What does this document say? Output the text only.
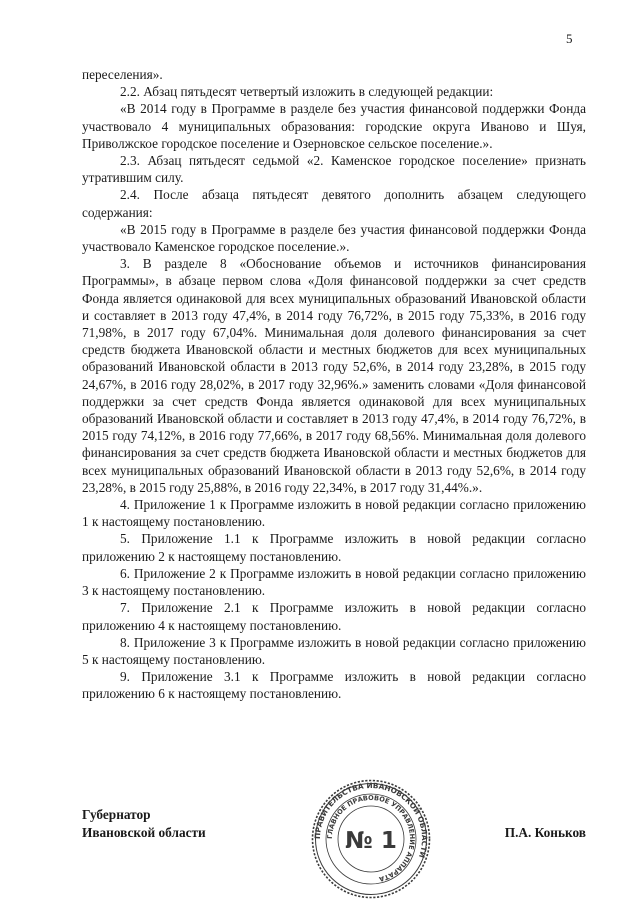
5

переселения».

2.2. Абзац пятьдесят четвертый изложить в следующей редакции:

«В 2014 году в Программе в разделе без участия финансовой поддержки Фонда участвовало 4 муниципальных образования: городские округа Иваново и Шуя, Приволжское городское поселение и Озерновское сельское поселение.».

2.3. Абзац пятьдесят седьмой «2. Каменское городское поселение» признать утратившим силу.

2.4. После абзаца пятьдесят девятого дополнить абзацем следующего содержания:

«В 2015 году в Программе в разделе без участия финансовой поддержки Фонда участвовало Каменское городское поселение.».

3. В разделе 8 «Обоснование объемов и источников финансирования Программы», в абзаце первом слова «Доля финансовой поддержки за счет средств Фонда является одинаковой для всех муниципальных образований Ивановской области и составляет в 2013 году 47,4%, в 2014 году 76,72%, в 2015 году 75,33%, в 2016 году 71,98%, в 2017 году 67,04%. Минимальная доля долевого финансирования за счет средств бюджета Ивановской области и местных бюджетов для всех муниципальных образований Ивановской области в 2013 году 52,6%, в 2014 году 23,28%, в 2015 году 24,67%, в 2016 году 28,02%, в 2017 году 32,96%.» заменить словами «Доля финансовой поддержки за счет средств Фонда является одинаковой для всех муниципальных образований Ивановской области и составляет в 2013 году 47,4%, в 2014 году 76,72%, в 2015 году 74,12%, в 2016 году 77,66%, в 2017 году 68,56%. Минимальная доля долевого финансирования за счет средств бюджета Ивановской области и местных бюджетов для всех муниципальных образований Ивановской области в 2013 году 52,6%, в 2014 году 23,28%, в 2015 году 25,88%, в 2016 году 22,34%, в 2017 году 31,44%.».

4. Приложение 1 к Программе изложить в новой редакции согласно приложению 1 к настоящему постановлению.

5. Приложение 1.1 к Программе изложить в новой редакции согласно приложению 2 к настоящему постановлению.

6. Приложение 2 к Программе изложить в новой редакции согласно приложению 3 к настоящему постановлению.

7. Приложение 2.1 к Программе изложить в новой редакции согласно приложению 4 к настоящему постановлению.

8. Приложение 3 к Программе изложить в новой редакции согласно приложению 5 к настоящему постановлению.

9. Приложение 3.1 к Программе изложить в новой редакции согласно приложению 6 к настоящему постановлению.

Губернатор
Ивановской области	П.А. Коньков
ПРАВИТЕЛЬСТВА ИВАНОВСКОЙ ОБЛАСТИ
ГЛАВНОЕ ПРАВОВОЕ УПРАВЛЕНИЕ АППАРАТА
№ 1
